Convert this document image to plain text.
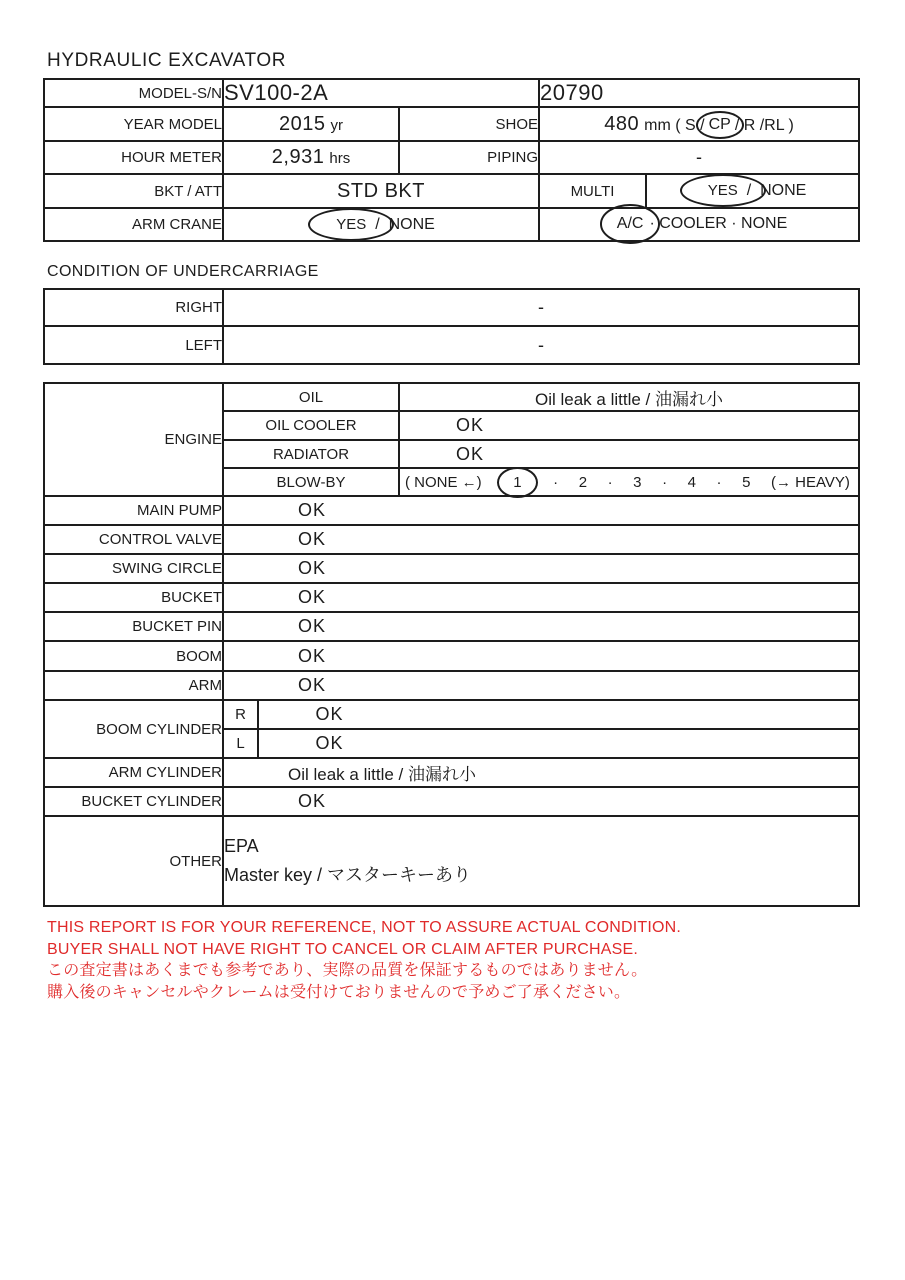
HYDRAULIC EXCAVATOR
MODEL-S/N	SV100-2A		20790	
YEAR MODEL	2015 yr	SHOE	480 mm ( S / CP / R /RL )	
HOUR METER	2,931 hrs	PIPING	-	
BKT / ATT	STD BKT		MULTI	YES /  NONE
ARM CRANE	YES /  NONE		A/C · COOLER · NONE	
CONDITION OF UNDERCARRIAGE
RIGHT	-
LEFT	-
ENGINE	OIL		Oil leak a little / 油漏れ小
	OIL COOLER		OK
	RADIATOR		OK
BLOW-BY	( NONE ←)	1	· 2 · 3 · 4 · 5 (→ HEAVY)

MAIN PUMP	OK		
CONTROL VALVE	OK		
SWING CIRCLE	OK		
BUCKET	OK		
BUCKET PIN	OK		
BOOM	OK		
ARM	OK		
BOOM CYLINDER	R	OK	
	L	OK	
ARM CYLINDER	Oil leak a little / 油漏れ小		
BUCKET CYLINDER	OK		
OTHER	EPA
Master key / マスターキーあり		
THIS REPORT IS FOR YOUR REFERENCE, NOT TO ASSURE ACTUAL CONDITION.
BUYER SHALL NOT HAVE RIGHT TO CANCEL OR CLAIM AFTER PURCHASE.
この査定書はあくまでも参考であり、実際の品質を保証するものではありません。
購入後のキャンセルやクレームは受付けておりませんので予めご了承ください。
